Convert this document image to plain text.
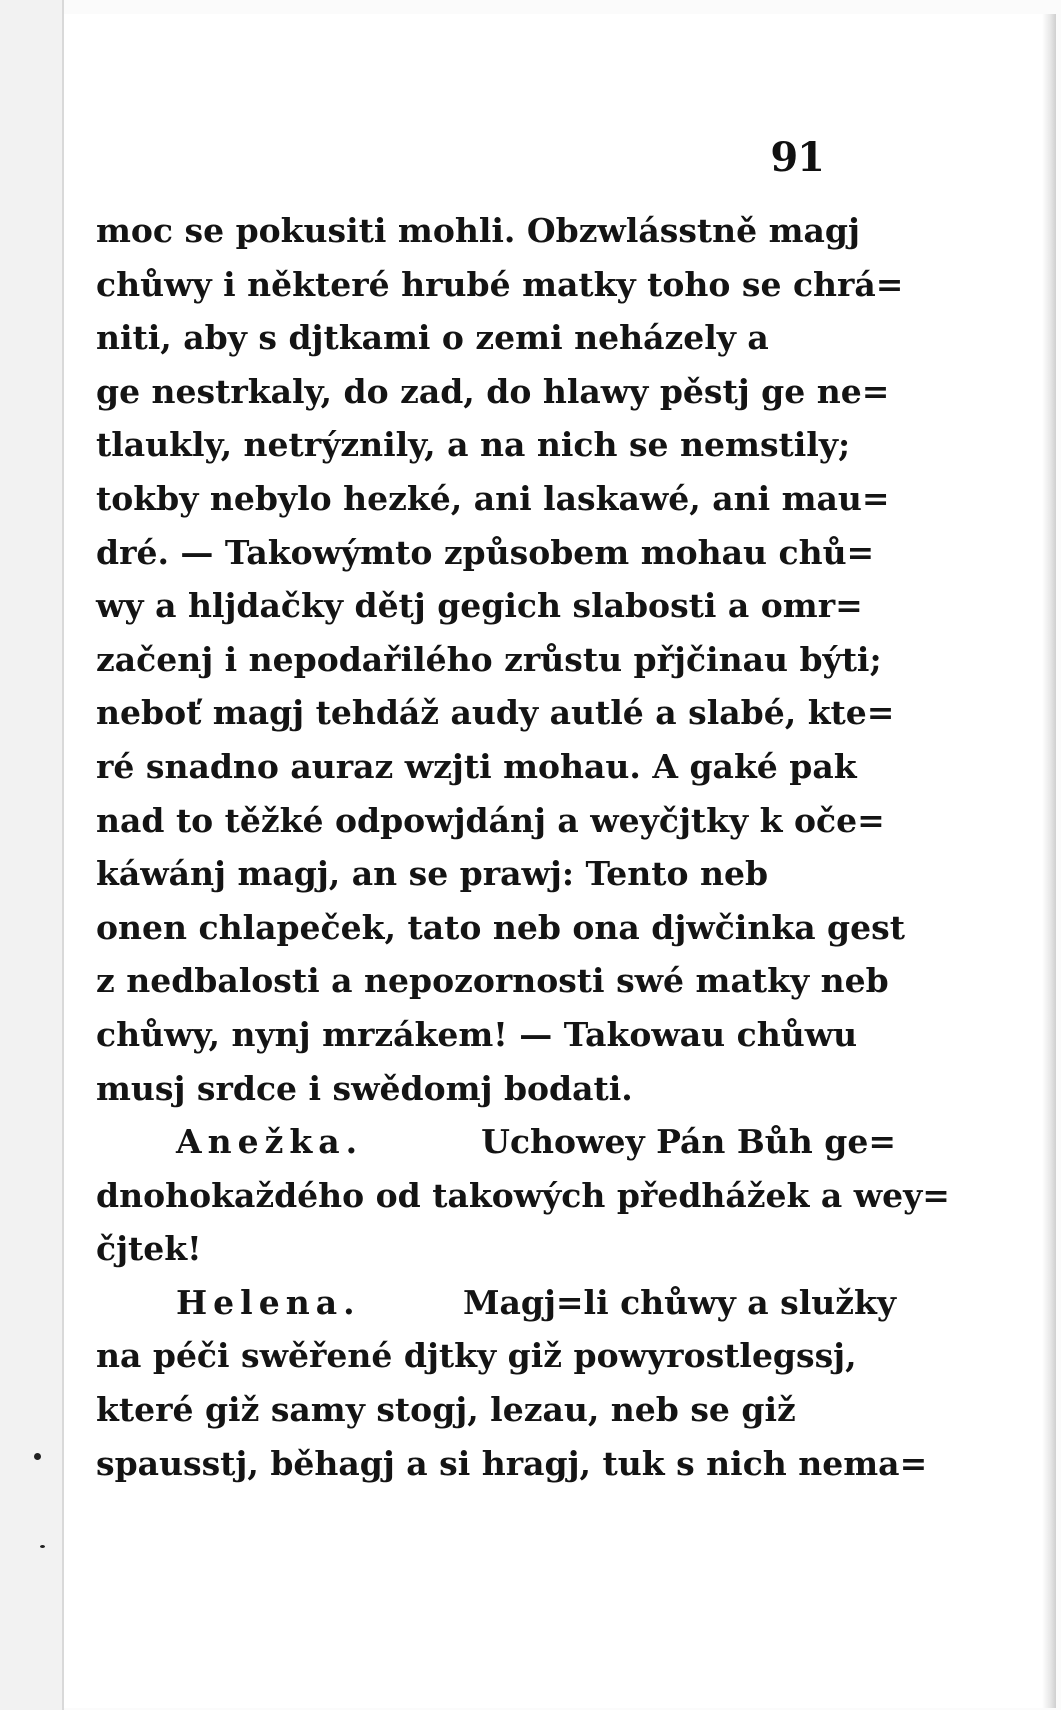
91
moc se pokusiti mohli. Obzwlásstně magj
chůwy i některé hrubé matky toho se chrá=
niti, aby s djtkami o zemi neházely a
ge nestrkaly, do zad, do hlawy pěstj ge ne=
tlaukly, netrýznily, a na nich se nemstily;
tokby nebylo hezké, ani laskawé, ani mau=
dré. — Takowýmto způsobem mohau chů=
wy a hljdačky dětj gegich slabosti a omr=
začenj i nepodařilého zrůstu přjčinau býti;
neboť magj tehdáž audy autlé a slabé, kte=
ré snadno auraz wzjti mohau. A gaké pak
nad to těžké odpowjdánj a weyčjtky k oče=
káwánj magj, an se prawj: Tento neb
onen chlapeček, tato neb ona djwčinka gest
z nedbalosti a nepozornosti swé matky neb
chůwy, nynj mrzákem! — Takowau chůwu
musj srdce i swědomj bodati.
Anežka.	Uchowey Pán Bůh ge=
dnohokaždého od takowých předhážek a wey=
čjtek!
Helena.	Magj=li chůwy a služky
na péči swěřené djtky giž powyrostlegssj,
které giž samy stogj, lezau, neb se giž
spausstj, běhagj a si hragj, tuk s nich nema=
